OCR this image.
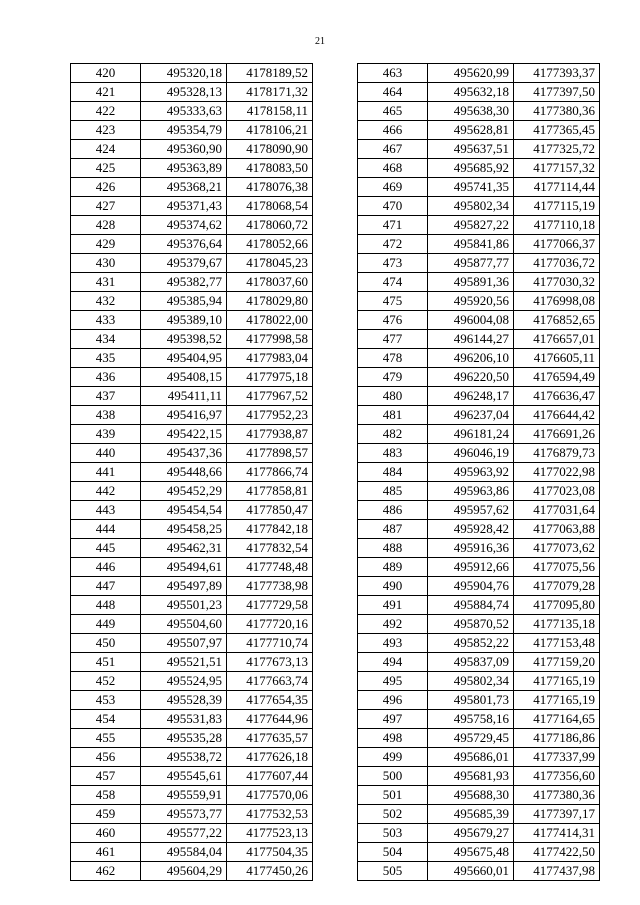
21
420	495320,18	4178189,52
421	495328,13	4178171,32
422	495333,63	4178158,11
423	495354,79	4178106,21
424	495360,90	4178090,90
425	495363,89	4178083,50
426	495368,21	4178076,38
427	495371,43	4178068,54
428	495374,62	4178060,72
429	495376,64	4178052,66
430	495379,67	4178045,23
431	495382,77	4178037,60
432	495385,94	4178029,80
433	495389,10	4178022,00
434	495398,52	4177998,58
435	495404,95	4177983,04
436	495408,15	4177975,18
437	495411,11	4177967,52
438	495416,97	4177952,23
439	495422,15	4177938,87
440	495437,36	4177898,57
441	495448,66	4177866,74
442	495452,29	4177858,81
443	495454,54	4177850,47
444	495458,25	4177842,18
445	495462,31	4177832,54
446	495494,61	4177748,48
447	495497,89	4177738,98
448	495501,23	4177729,58
449	495504,60	4177720,16
450	495507,97	4177710,74
451	495521,51	4177673,13
452	495524,95	4177663,74
453	495528,39	4177654,35
454	495531,83	4177644,96
455	495535,28	4177635,57
456	495538,72	4177626,18
457	495545,61	4177607,44
458	495559,91	4177570,06
459	495573,77	4177532,53
460	495577,22	4177523,13
461	495584,04	4177504,35
462	495604,29	4177450,26
463	495620,99	4177393,37
464	495632,18	4177397,50
465	495638,30	4177380,36
466	495628,81	4177365,45
467	495637,51	4177325,72
468	495685,92	4177157,32
469	495741,35	4177114,44
470	495802,34	4177115,19
471	495827,22	4177110,18
472	495841,86	4177066,37
473	495877,77	4177036,72
474	495891,36	4177030,32
475	495920,56	4176998,08
476	496004,08	4176852,65
477	496144,27	4176657,01
478	496206,10	4176605,11
479	496220,50	4176594,49
480	496248,17	4176636,47
481	496237,04	4176644,42
482	496181,24	4176691,26
483	496046,19	4176879,73
484	495963,92	4177022,98
485	495963,86	4177023,08
486	495957,62	4177031,64
487	495928,42	4177063,88
488	495916,36	4177073,62
489	495912,66	4177075,56
490	495904,76	4177079,28
491	495884,74	4177095,80
492	495870,52	4177135,18
493	495852,22	4177153,48
494	495837,09	4177159,20
495	495802,34	4177165,19
496	495801,73	4177165,19
497	495758,16	4177164,65
498	495729,45	4177186,86
499	495686,01	4177337,99
500	495681,93	4177356,60
501	495688,30	4177380,36
502	495685,39	4177397,17
503	495679,27	4177414,31
504	495675,48	4177422,50
505	495660,01	4177437,98
